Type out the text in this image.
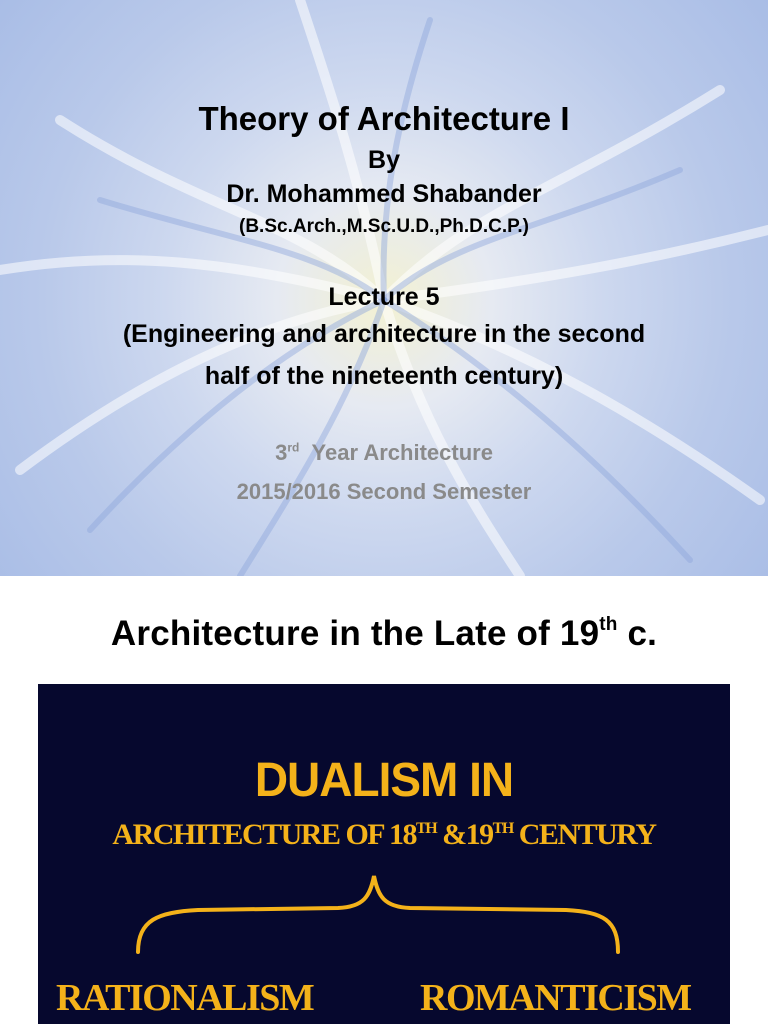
Theory of Architecture I
By
Dr. Mohammed Shabander
(B.Sc.Arch.,M.Sc.U.D.,Ph.D.C.P.)
Lecture 5
(Engineering and architecture in the second
half of the nineteenth century)
3rd Year Architecture
2015/2016 Second Semester
Architecture in the Late of 19th c.
DUALISM IN
ARCHITECTURE OF 18TH &19TH CENTURY
RATIONALISM	ROMANTICISM
